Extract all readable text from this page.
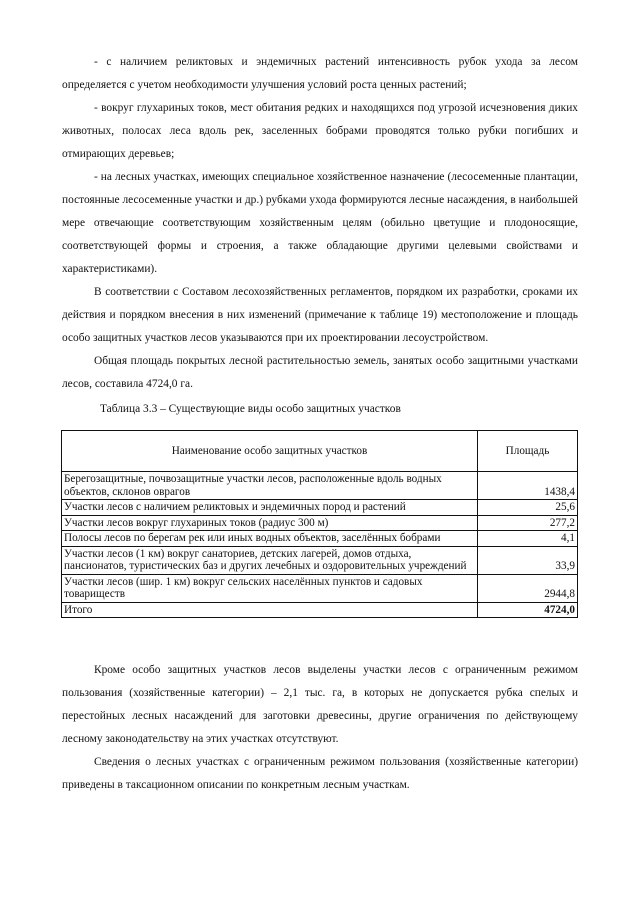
- с наличием реликтовых и эндемичных растений интенсивность рубок ухода за лесом определяется с учетом необходимости улучшения условий роста ценных растений;

- вокруг глухариных токов, мест обитания редких и находящихся под угрозой исчезновения диких животных, полосах леса вдоль рек, заселенных бобрами проводятся только рубки погибших и отмирающих деревьев;

- на лесных участках, имеющих специальное хозяйственное назначение (лесосеменные плантации, постоянные лесосеменные участки и др.) рубками ухода формируются лесные насаждения, в наибольшей мере отвечающие соответствующим хозяйственным целям (обильно цветущие и плодоносящие, соответствующей формы и строения, а также обладающие другими целевыми свойствами и характеристиками).

В соответствии с Составом лесохозяйственных регламентов, порядком их разработки, сроками их действия и порядком внесения в них изменений (примечание к таблице 19) местоположение и площадь особо защитных участков лесов указываются при их проектировании лесоустройством.

Общая площадь покрытых лесной растительностью земель, занятых особо защитными участками лесов, составила 4724,0 га.

Таблица 3.3 – Существующие виды особо защитных участков

Наименование особо защитных участков	Площадь
Берегозащитные, почвозащитные участки лесов, расположенные вдоль водных объектов, склонов оврагов	1438,4
Участки лесов с наличием реликтовых и эндемичных пород и растений	25,6
Участки лесов вокруг глухариных токов (радиус 300 м)	277,2
Полосы лесов по берегам рек или иных водных объектов, заселённых бобрами	4,1
Участки лесов (1 км) вокруг санаториев, детских лагерей, домов отдыха, пансионатов, туристических баз и других лечебных и оздоровительных учреждений	33,9
Участки лесов (шир. 1 км) вокруг сельских населённых пунктов и садовых товариществ	2944,8
Итого	4724,0

Кроме особо защитных участков лесов выделены участки лесов с ограниченным режимом пользования (хозяйственные категории) – 2,1 тыс. га, в которых не допускается рубка спелых и перестойных лесных насаждений для заготовки древесины, другие ограничения по действующему лесному законодательству на этих участках отсутствуют.

Сведения о лесных участках с ограниченным режимом пользования (хозяйственные категории) приведены в таксационном описании по конкретным лесным участкам.
